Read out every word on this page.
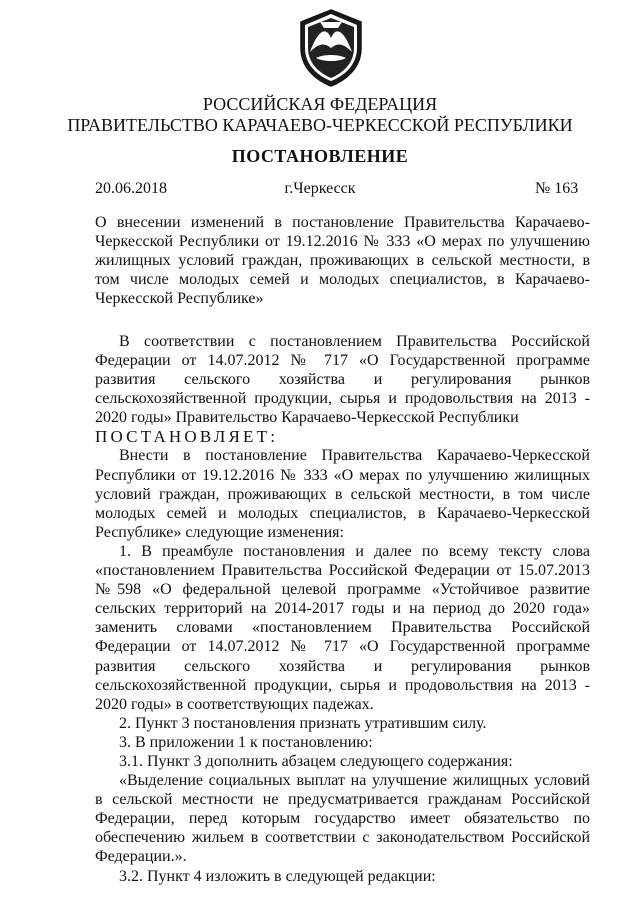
РОССИЙСКАЯ ФЕДЕРАЦИЯ
ПРАВИТЕЛЬСТВО КАРАЧАЕВО-ЧЕРКЕССКОЙ РЕСПУБЛИКИ
ПОСТАНОВЛЕНИЕ
г.Черкесск
20.06.2018	№ 163
О внесении изменений в постановление Правительства Карачаево-Черкесской Республики от 19.12.2016 № 333 «О мерах по улучшению жилищных условий граждан, проживающих в сельской местности, в том числе молодых семей и молодых специалистов, в Карачаево-Черкесской Республике»

В соответствии с постановлением Правительства Российской Федерации от 14.07.2012 № 717 «О Государственной программе развития сельского хозяйства и регулирования рынков сельскохозяйственной продукции, сырья и продовольствия на 2013 - 2020 годы» Правительство Карачаево-Черкесской Республики

ПОСТАНОВЛЯЕТ:

Внести в постановление Правительства Карачаево-Черкесской Республики от 19.12.2016 № 333 «О мерах по улучшению жилищных условий граждан, проживающих в сельской местности, в том числе молодых семей и молодых специалистов, в Карачаево-Черкесской Республике» следующие изменения:

1. В преамбуле постановления и далее по всему тексту слова «постановлением Правительства Российской Федерации от 15.07.2013 №598 «О федеральной целевой программе «Устойчивое развитие сельских территорий на 2014-2017 годы и на период до 2020 года» заменить словами «постановлением Правительства Российской Федерации от 14.07.2012 № 717 «О Государственной программе развития сельского хозяйства и регулирования рынков сельскохозяйственной продукции, сырья и продовольствия на 2013 - 2020 годы» в соответствующих падежах.

2. Пункт 3 постановления признать утратившим силу.

3. В приложении 1 к постановлению:

3.1. Пункт 3 дополнить абзацем следующего содержания:

«Выделение социальных выплат на улучшение жилищных условий в сельской местности не предусматривается гражданам Российской Федерации, перед которым государство имеет обязательство по обеспечению жильем в соответствии с законодательством Российской Федерации.».

3.2. Пункт 4 изложить в следующей редакции:
